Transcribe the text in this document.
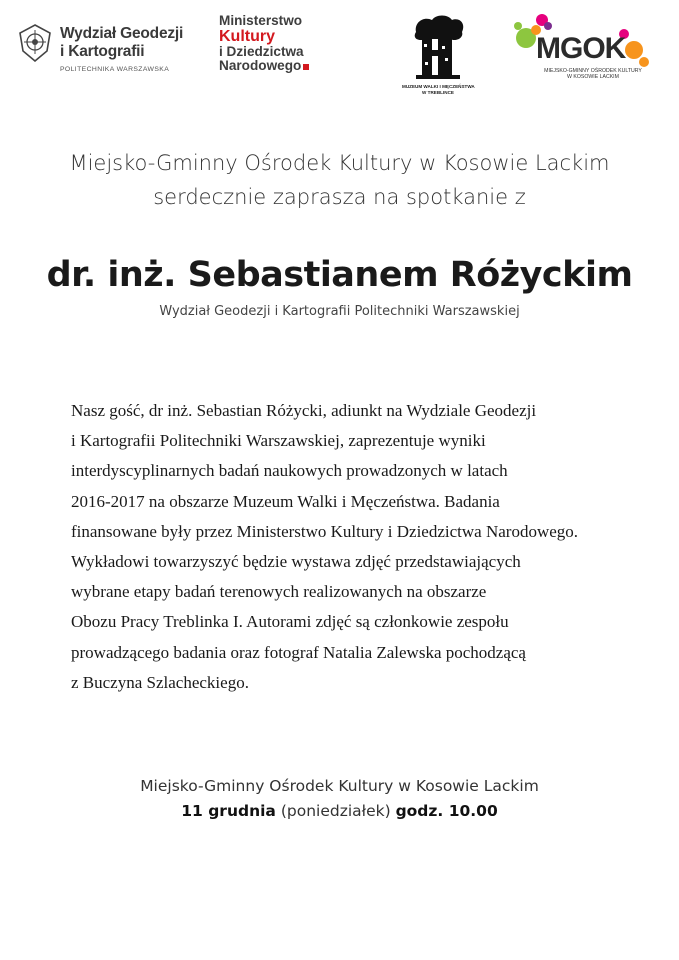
Wydział Geodezji
i Kartografii
POLITECHNIKA WARSZAWSKA
Ministerstwo
Kultury
i Dziedzictwa
Narodowego
MUZEUM WALKI I MĘCZEŃSTWA
W TREBLINCE
MGOK
MIEJSKO-GMINNY OŚRODEK KULTURY
W KOSOWIE LACKIM
Miejsko-Gminny Ośrodek Kultury w Kosowie Lackim
serdecznie zaprasza na spotkanie z
dr. inż. Sebastianem Różyckim
Wydział Geodezji i Kartografii Politechniki Warszawskiej
Nasz gość, dr inż. Sebastian Różycki, adiunkt na Wydziale Geodezji
i Kartografii Politechniki Warszawskiej, zaprezentuje wyniki
interdyscyplinarnych badań naukowych prowadzonych w latach
2016-2017 na obszarze Muzeum Walki i Męczeństwa. Badania
finansowane były przez Ministerstwo Kultury i Dziedzictwa Narodowego.
Wykładowi towarzyszyć będzie wystawa zdjęć przedstawiających
wybrane etapy badań terenowych realizowanych na obszarze
Obozu Pracy Treblinka I. Autorami zdjęć są członkowie zespołu
prowadzącego badania oraz fotograf Natalia Zalewska pochodzącą
z Buczyna Szlacheckiego.
Miejsko-Gminny Ośrodek Kultury w Kosowie Lackim
11 grudnia (poniedziałek) godz. 10.00
